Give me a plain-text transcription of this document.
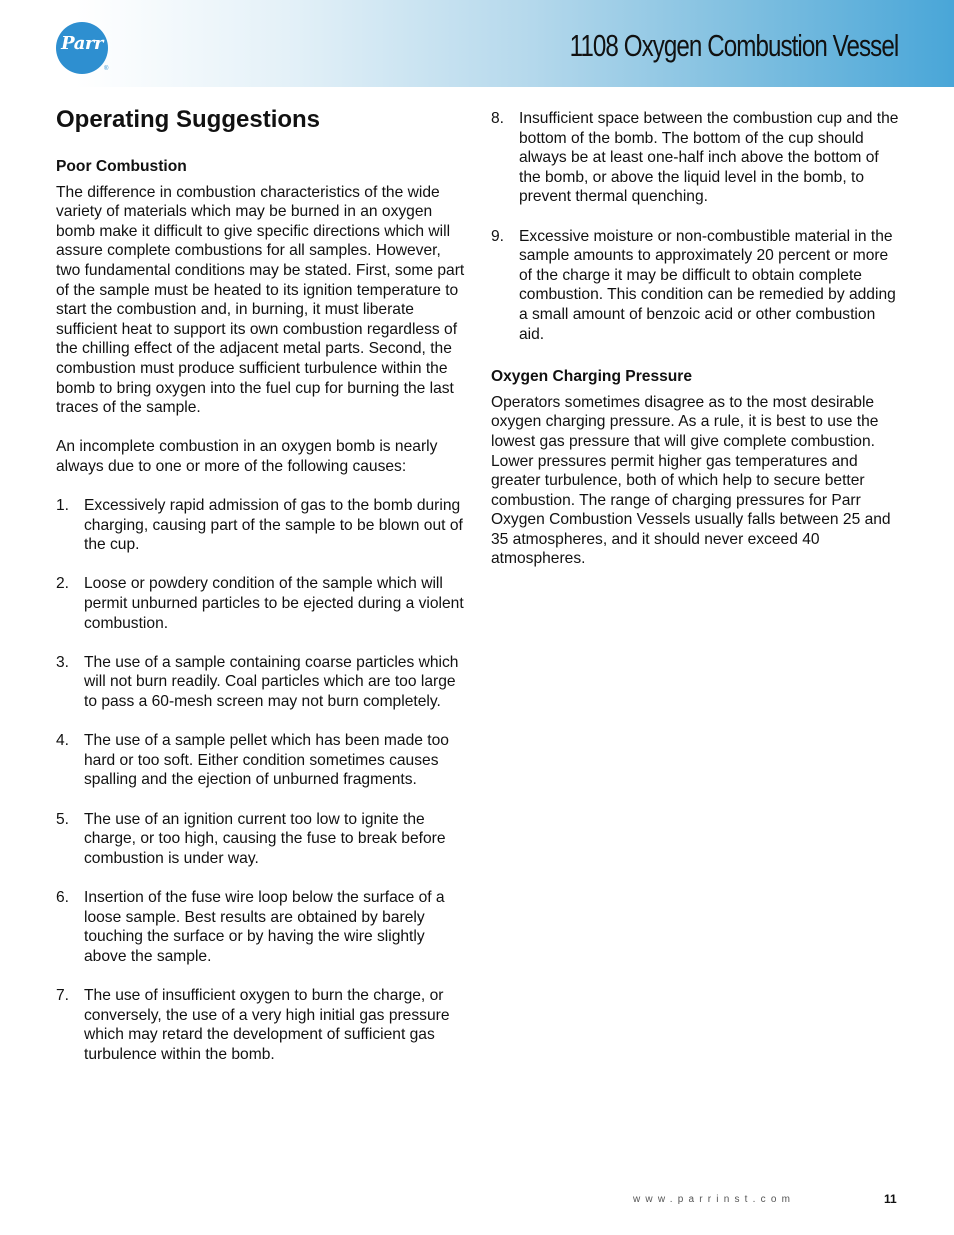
Parr
®
1108 Oxygen Combustion Vessel
Operating Suggestions

Poor Combustion

The difference in combustion characteristics of the wide variety of materials which may be burned in an oxygen bomb make it difficult to give specific directions which will assure complete combustions for all samples. However, two fundamental conditions may be stated. First, some part of the sample must be heated to its ignition temperature to start the combustion and, in burning, it must liberate sufficient heat to support its own combustion regardless of the chilling effect of the adjacent metal parts. Second, the combustion must produce sufficient turbulence within the bomb to bring oxygen into the fuel cup for burning the last traces of the sample.

An incomplete combustion in an oxygen bomb is nearly always due to one or more of the following causes:

1. Excessively rapid admission of gas to the bomb during charging, causing part of the sample to be blown out of the cup.
2. Loose or powdery condition of the sample which will permit unburned particles to be ejected during a violent combustion.
3. The use of a sample containing coarse particles which will not burn readily. Coal particles which are too large to pass a 60-mesh screen may not burn completely.
4. The use of a sample pellet which has been made too hard or too soft. Either condition sometimes causes spalling and the ejection of unburned fragments.
5. The use of an ignition current too low to ignite the charge, or too high, causing the fuse to break before combustion is under way.
6. Insertion of the fuse wire loop below the surface of a loose sample. Best results are obtained by barely touching the surface or by having the wire slightly above the sample.
7. The use of insufficient oxygen to burn the charge, or conversely, the use of a very high initial gas pressure which may retard the development of sufficient gas turbulence within the bomb.
8. Insufficient space between the combustion cup and the bottom of the bomb. The bottom of the cup should always be at least one-half inch above the bottom of the bomb, or above the liquid level in the bomb, to prevent thermal quenching.
9. Excessive moisture or non-combustible material in the sample amounts to approximately 20 percent or more of the charge it may be difficult to obtain complete combustion. This condition can be remedied by adding a small amount of benzoic acid or other combustion aid.

Oxygen Charging Pressure

Operators sometimes disagree as to the most desirable oxygen charging pressure. As a rule, it is best to use the lowest gas pressure that will give complete combustion. Lower pressures permit higher gas temperatures and greater turbulence, both of which help to secure better combustion. The range of charging pressures for Parr Oxygen Combustion Vessels usually falls between 25 and 35 atmospheres, and it should never exceed 40 atmospheres.

www.parrinst.com	11
